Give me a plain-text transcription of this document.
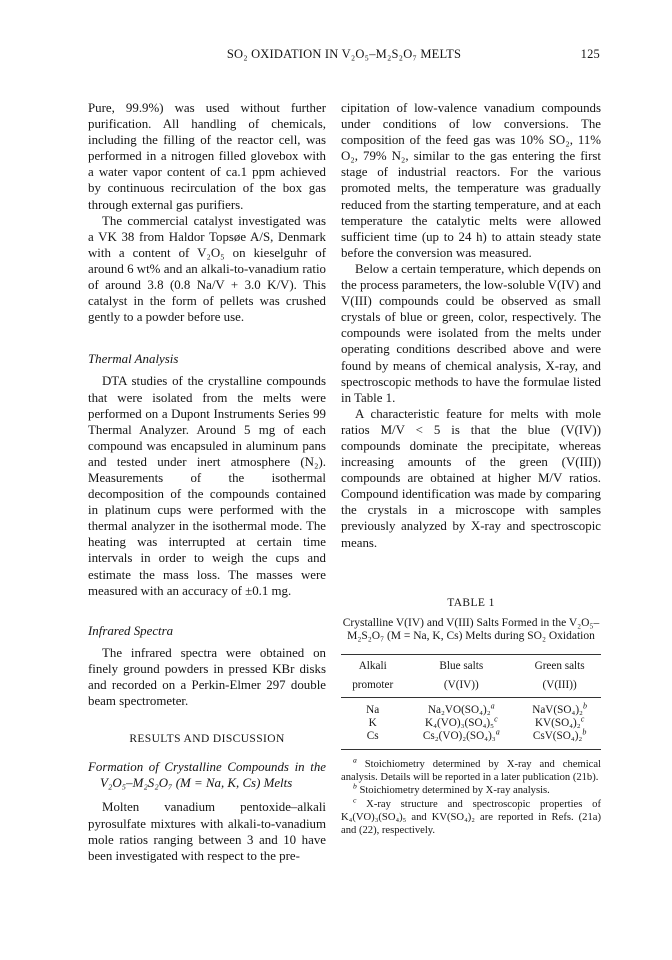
SO₂ OXIDATION IN V₂O₅–M₂S₂O₇ MELTS	125

Pure, 99.9%) was used without further purification. All handling of chemicals, including the filling of the reactor cell, was performed in a nitrogen filled glovebox with a water vapor content of ca.1 ppm achieved by continuous recirculation of the box gas through external gas purifiers.

The commercial catalyst investigated was a VK 38 from Haldor Topsøe A/S, Denmark with a content of V₂O₅ on kieselguhr of around 6 wt% and an alkali-to-vanadium ratio of around 3.8 (0.8 Na/V + 3.0 K/V). This catalyst in the form of pellets was crushed gently to a powder before use.

Thermal Analysis

DTA studies of the crystalline compounds that were isolated from the melts were performed on a Dupont Instruments Series 99 Thermal Analyzer. Around 5 mg of each compound was encapsuled in aluminum pans and tested under inert atmosphere (N₂). Measurements of the isothermal decomposition of the compounds contained in platinum cups were performed with the thermal analyzer in the isothermal mode. The heating was interrupted at certain time intervals in order to weigh the cups and estimate the mass loss. The masses were measured with an accuracy of ±0.1 mg.

Infrared Spectra

The infrared spectra were obtained on finely ground powders in pressed KBr disks and recorded on a Perkin-Elmer 297 double beam spectrometer.

RESULTS AND DISCUSSION
Formation of Crystalline Compounds in the V₂O₅–M₂S₂O₇ (M = Na, K, Cs) Melts

Molten vanadium pentoxide–alkali pyrosulfate mixtures with alkali-to-vanadium mole ratios ranging between 3 and 10 have been investigated with respect to the pre-

cipitation of low-valence vanadium compounds under conditions of low conversions. The composition of the feed gas was 10% SO₂, 11% O₂, 79% N₂, similar to the gas entering the first stage of industrial reactors. For the various promoted melts, the temperature was gradually reduced from the starting temperature, and at each temperature the catalytic melts were allowed sufficient time (up to 24 h) to attain steady state before the conversion was measured.

Below a certain temperature, which depends on the process parameters, the low-soluble V(IV) and V(III) compounds could be observed as small crystals of blue or green, color, respectively. The compounds were isolated from the melts under operating conditions described above and were found by means of chemical analysis, X-ray, and spectroscopic methods to have the formulae listed in Table 1.

A characteristic feature for melts with mole ratios M/V < 5 is that the blue (V(IV)) compounds dominate the precipitate, whereas increasing amounts of the green (V(III)) compounds are obtained at higher M/V ratios. Compound identification was made by comparing the crystals in a microscope with samples previously analyzed by X-ray and spectroscopic means.

TABLE 1
Crystalline V(IV) and V(III) Salts Formed in the V₂O₅–M₂S₂O₇ (M = Na, K, Cs) Melts during SO₂ Oxidation
Alkali	Blue salts	Green salts
promoter	(V(IV))	(V(III))
Na	Na₂VO(SO₄)₂$^a$	NaV(SO₄)₂$^b$
K	K₄(VO)₃(SO₄)₅$^c$	KV(SO₄)₂$^c$
Cs	Cs₂(VO)₂(SO₄)₃$^a$	CsV(SO₄)₂$^b$

$^a$ Stoichiometry determined by X-ray and chemical analysis. Details will be reported in a later publication (21b).

$^b$ Stoichiometry determined by X-ray analysis.

$^c$ X-ray structure and spectroscopic properties of K₄(VO)₃(SO₄)₅ and KV(SO₄)₂ are reported in Refs. (21a) and (22), respectively.
